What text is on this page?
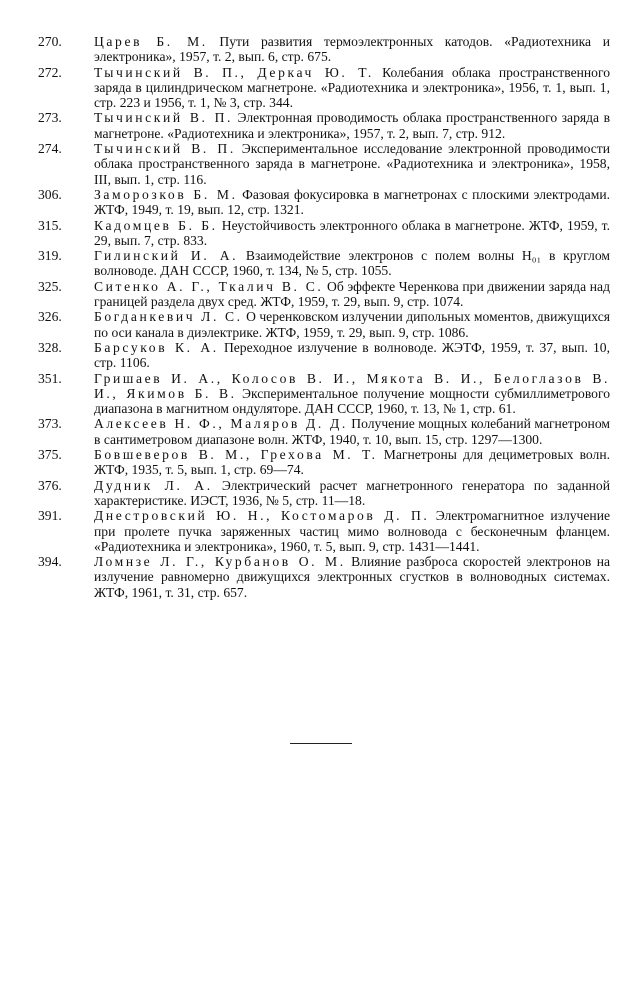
270.	Царев Б. М. Пути развития термоэлектронных катодов. «Радиотехника и электроника», 1957, т. 2, вып. 6, стр. 675.

272.	Тычинский В. П., Деркач Ю. Т. Колебания облака пространственного заряда в цилиндрическом магнетроне. «Радиотехника и электроника», 1956, т. 1, вып. 1, стр. 223 и 1956, т. 1, № 3, стр. 344.

273.	Тычинский В. П. Электронная проводимость облака пространственного заряда в магнетроне. «Радиотехника и электроника», 1957, т. 2, вып. 7, стр. 912.

274.	Тычинский В. П. Экспериментальное исследование электронной проводимости облака пространственного заряда в магнетроне. «Радиотехника и электроника», 1958, III, вып. 1, стр. 116.

306.	Заморозков Б. М. Фазовая фокусировка в магнетронах с плоскими электродами. ЖТФ, 1949, т. 19, вып. 12, стр. 1321.

315.	Кадомцев Б. Б. Неустойчивость электронного облака в магнетроне. ЖТФ, 1959, т. 29, вып. 7, стр. 833.

319.	Гилинский И. А. Взаимодействие электронов с полем волны H₀₁ в круглом волноводе. ДАН СССР, 1960, т. 134, № 5, стр. 1055.

325.	Ситенко А. Г., Ткалич В. С. Об эффекте Черенкова при движении заряда над границей раздела двух сред. ЖТФ, 1959, т. 29, вып. 9, стр. 1074.

326.	Богданкевич Л. С. О черенковском излучении дипольных моментов, движущихся по оси канала в диэлектрике. ЖТФ, 1959, т. 29, вып. 9, стр. 1086.

328.	Барсуков К. А. Переходное излучение в волноводе. ЖЭТФ, 1959, т. 37, вып. 10, стр. 1106.

351.	Гришаев И. А., Колосов В. И., Мякота В. И., Белоглазов В. И., Якимов Б. В. Экспериментальное получение мощности субмиллиметрового диапазона в магнитном ондуляторе. ДАН СССР, 1960, т. 13, № 1, стр. 61.

373.	Алексеев Н. Ф., Маляров Д. Д. Получение мощных колебаний магнетроном в сантиметровом диапазоне волн. ЖТФ, 1940, т. 10, вып. 15, стр. 1297—1300.

375.	Бовшеверов В. М., Грехова М. Т. Магнетроны для дециметровых волн. ЖТФ, 1935, т. 5, вып. 1, стр. 69—74.

376.	Дудник Л. А. Электрический расчет магнетронного генератора по заданной характеристике. ИЭСТ, 1936, № 5, стр. 11—18.

391.	Днестровский Ю. Н., Костомаров Д. П. Электромагнитное излучение при пролете пучка заряженных частиц мимо волновода с бесконечным фланцем. «Радиотехника и электроника», 1960, т. 5, вып. 9, стр. 1431—1441.

394.	Ломнзе Л. Г., Курбанов О. М. Влияние разброса скоростей электронов на излучение равномерно движущихся электронных сгустков в волноводных системах. ЖТФ, 1961, т. 31, стр. 657.
